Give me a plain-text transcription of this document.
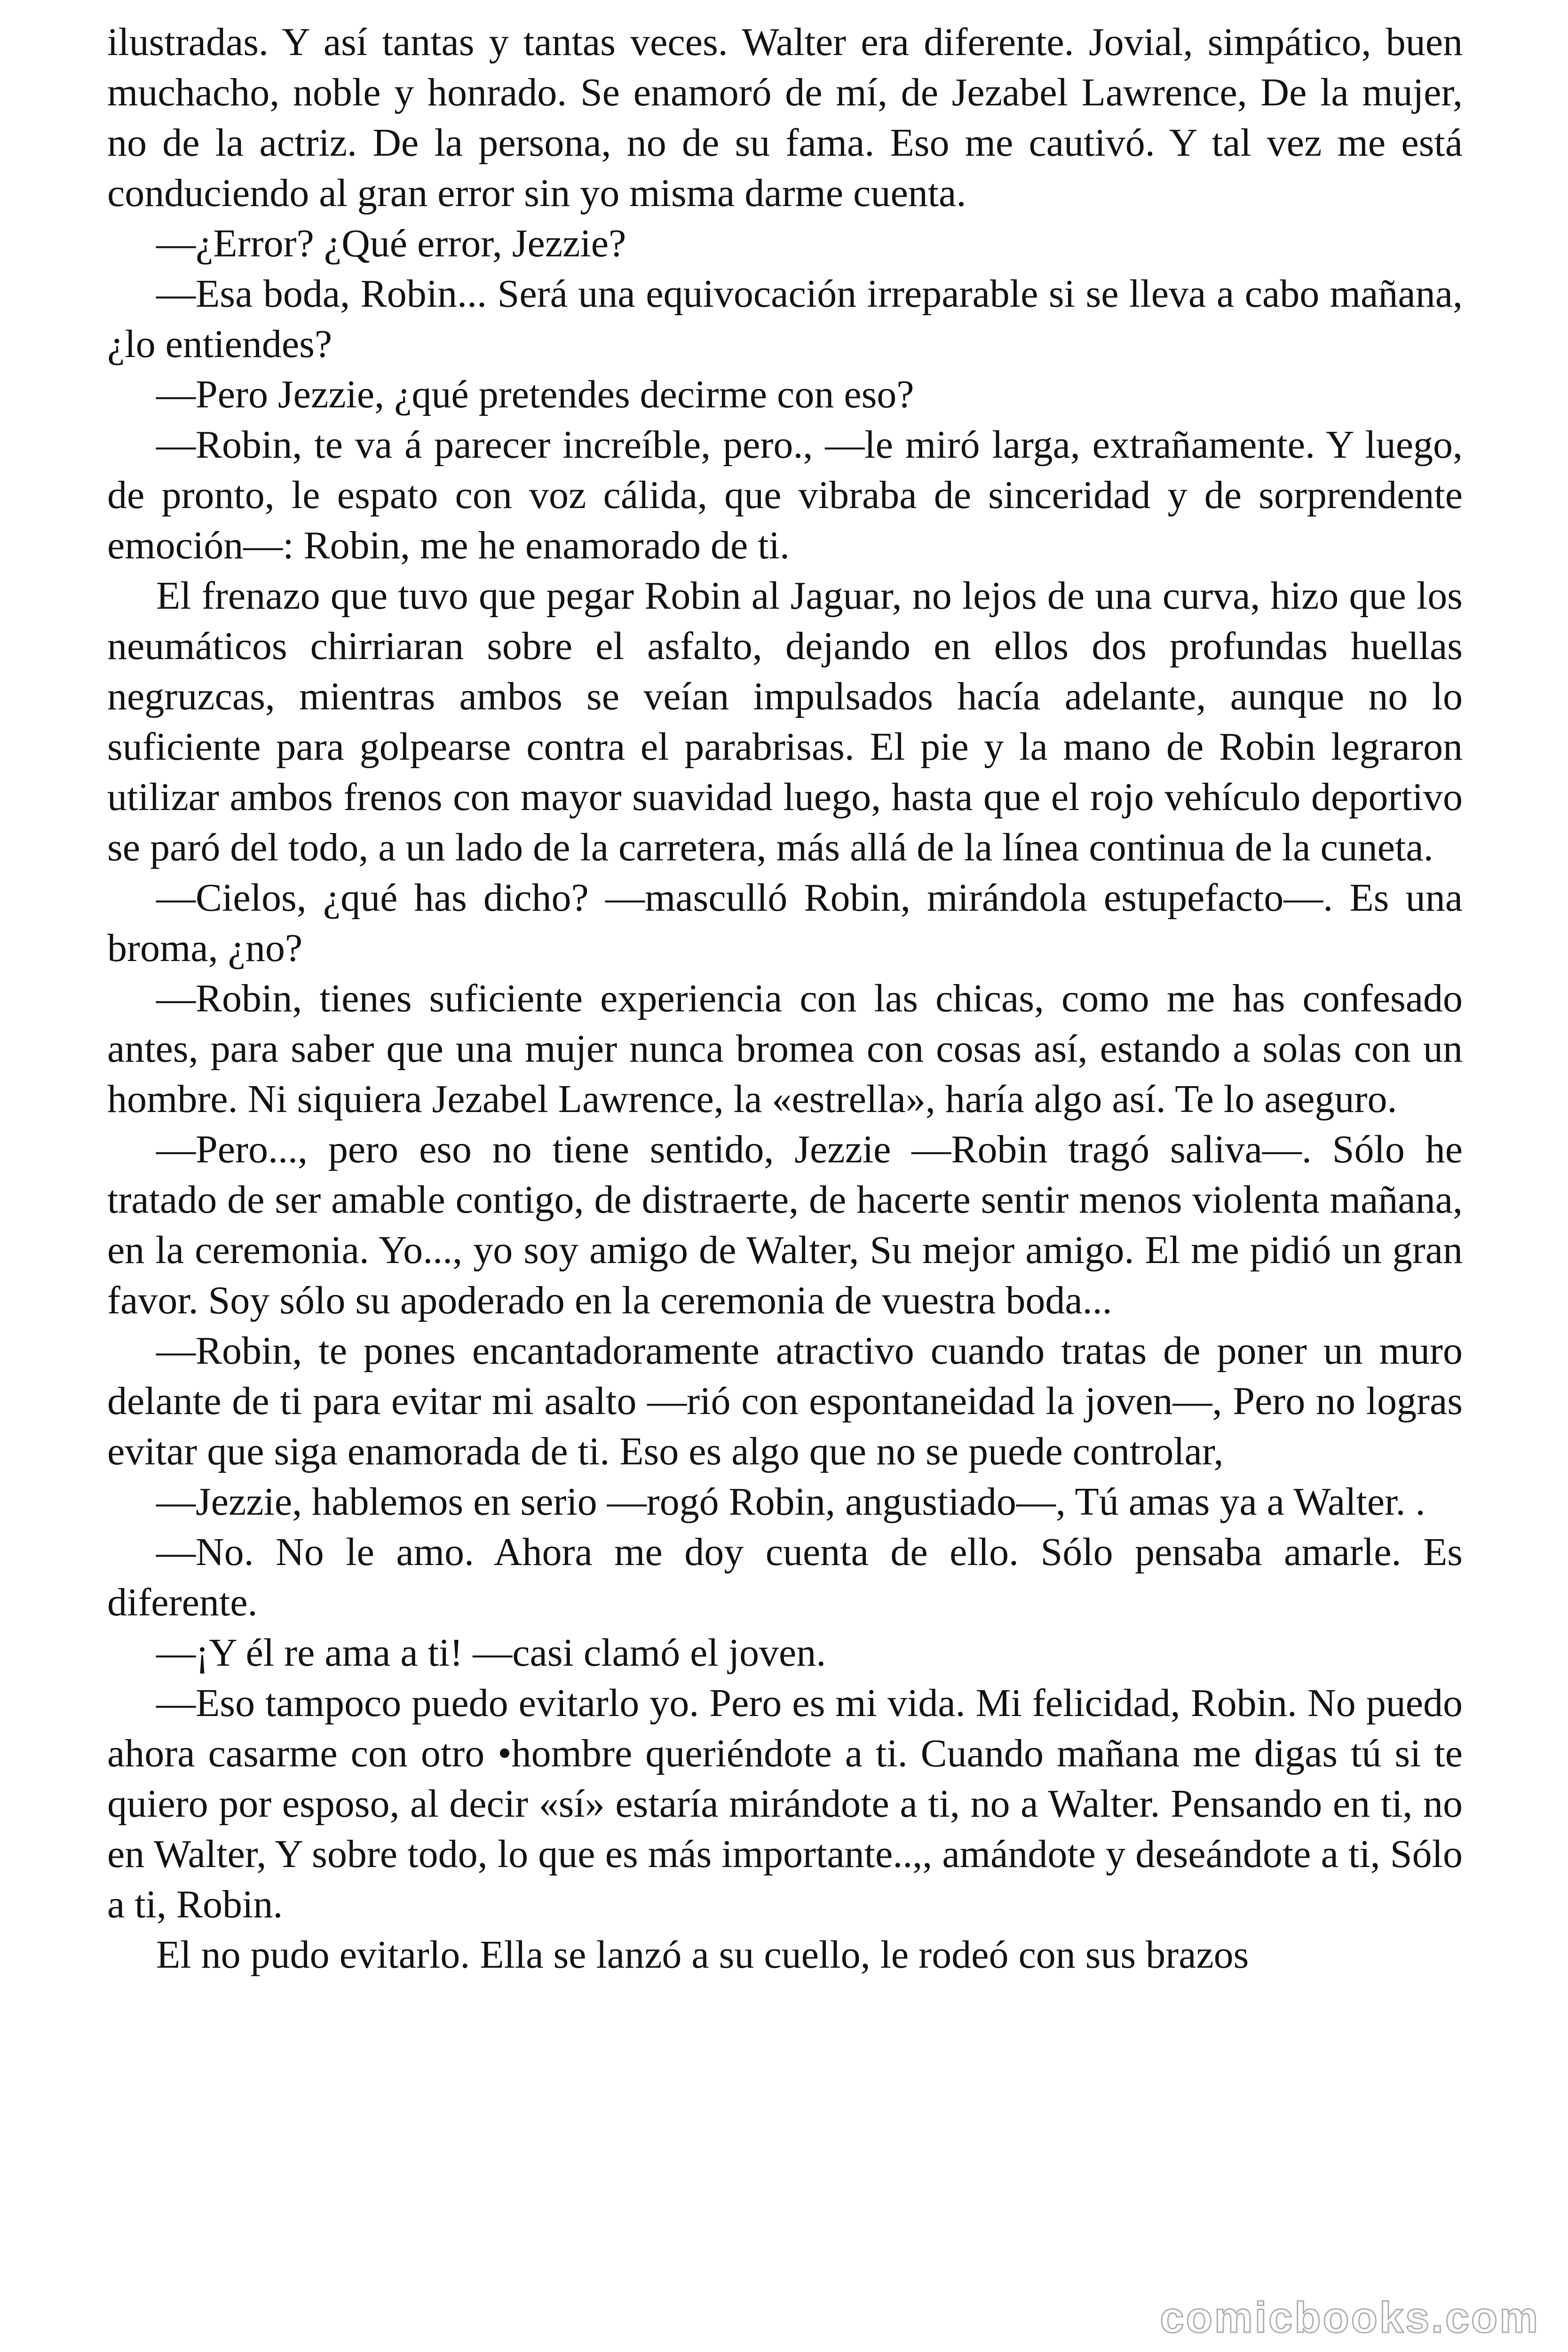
ilustradas. Y así tantas y tantas veces. Walter era diferente. Jovial, simpático, buen muchacho, noble y honrado. Se enamoró de mí, de Jezabel Lawrence, De la mujer, no de la actriz. De la persona, no de su fama. Eso me cautivó. Y tal vez me está conduciendo al gran error sin yo misma darme cuenta.

—¿Error? ¿Qué error, Jezzie?

—Esa boda, Robin... Será una equivocación irreparable si se lleva a cabo mañana, ¿lo entiendes?

—Pero Jezzie, ¿qué pretendes decirme con eso?

—Robin, te va á parecer increíble, pero., —le miró larga, extrañamente. Y luego, de pronto, le espato con voz cálida, que vibraba de sinceridad y de sorprendente emoción—: Robin, me he enamorado de ti.

El frenazo que tuvo que pegar Robin al Jaguar, no lejos de una curva, hizo que los neumáticos chirriaran sobre el asfalto, dejando en ellos dos profundas huellas negruzcas, mientras ambos se veían impulsados hacía adelante, aunque no lo suficiente para golpearse contra el parabrisas. El pie y la mano de Robin legraron utilizar ambos frenos con mayor suavidad luego, hasta que el rojo vehículo deportivo se paró del todo, a un lado de la carretera, más allá de la línea continua de la cuneta.

—Cielos, ¿qué has dicho? —masculló Robin, mirándola estupefacto—. Es una broma, ¿no?

—Robin, tienes suficiente experiencia con las chicas, como me has confesado antes, para saber que una mujer nunca bromea con cosas así, estando a solas con un hombre. Ni siquiera Jezabel Lawrence, la «estrella», haría algo así. Te lo aseguro.

—Pero..., pero eso no tiene sentido, Jezzie —Robin tragó saliva—. Sólo he tratado de ser amable contigo, de distraerte, de hacerte sentir menos violenta mañana, en la ceremonia. Yo..., yo soy amigo de Walter, Su mejor amigo. El me pidió un gran favor. Soy sólo su apoderado en la ceremonia de vuestra boda...

—Robin, te pones encantadoramente atractivo cuando tratas de poner un muro delante de ti para evitar mi asalto —rió con espontaneidad la joven—, Pero no logras evitar que siga enamorada de ti. Eso es algo que no se puede controlar,

—Jezzie, hablemos en serio —rogó Robin, angustiado—, Tú amas ya a Walter. .

—No. No le amo. Ahora me doy cuenta de ello. Sólo pensaba amarle. Es diferente.

—¡Y él re ama a ti! —casi clamó el joven.

—Eso tampoco puedo evitarlo yo. Pero es mi vida. Mi felicidad, Robin. No puedo ahora casarme con otro •hombre queriéndote a ti. Cuando mañana me digas tú si te quiero por esposo, al decir «sí» estaría mirándote a ti, no a Walter. Pensando en ti, no en Walter, Y sobre todo, lo que es más importante..,, amándote y deseándote a ti, Sólo a ti, Robin.

El no pudo evitarlo. Ella se lanzó a su cuello, le rodeó con sus brazos

comicbooks.com
